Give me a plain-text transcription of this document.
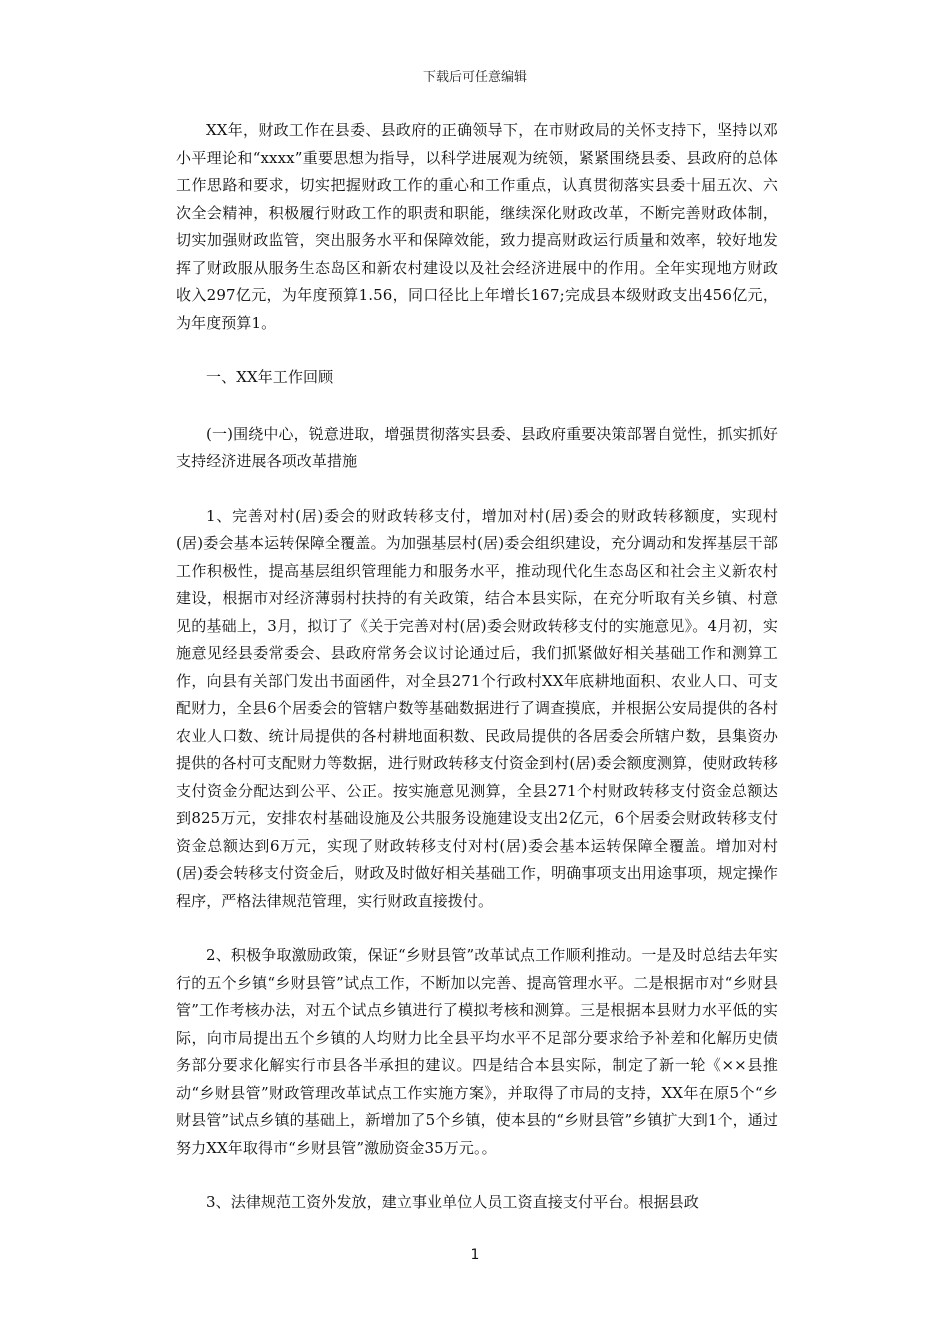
下载后可任意编辑

XX年，财政工作在县委、县政府的正确领导下，在市财政局的关怀支持下，坚持以邓小平理论和“xxxx”重要思想为指导，以科学进展观为统领，紧紧围绕县委、县政府的总体工作思路和要求，切实把握财政工作的重心和工作重点，认真贯彻落实县委十届五次、六次全会精神，积极履行财政工作的职责和职能，继续深化财政改革，不断完善财政体制，切实加强财政监管，突出服务水平和保障效能，致力提高财政运行质量和效率，较好地发挥了财政服从服务生态岛区和新农村建设以及社会经济进展中的作用。全年实现地方财政收入297亿元，为年度预算1.56，同口径比上年增长167;完成县本级财政支出456亿元，为年度预算1。

一、XX年工作回顾

(一)围绕中心，锐意进取，增强贯彻落实县委、县政府重要决策部署自觉性，抓实抓好支持经济进展各项改革措施

1、完善对村(居)委会的财政转移支付，增加对村(居)委会的财政转移额度，实现村(居)委会基本运转保障全覆盖。为加强基层村(居)委会组织建设，充分调动和发挥基层干部工作积极性，提高基层组织管理能力和服务水平，推动现代化生态岛区和社会主义新农村建设，根据市对经济薄弱村扶持的有关政策，结合本县实际，在充分听取有关乡镇、村意见的基础上，3月，拟订了《关于完善对村(居)委会财政转移支付的实施意见》。4月初，实施意见经县委常委会、县政府常务会议讨论通过后，我们抓紧做好相关基础工作和测算工作，向县有关部门发出书面函件，对全县271个行政村XX年底耕地面积、农业人口、可支配财力，全县6个居委会的管辖户数等基础数据进行了调查摸底，并根据公安局提供的各村农业人口数、统计局提供的各村耕地面积数、民政局提供的各居委会所辖户数，县集资办提供的各村可支配财力等数据，进行财政转移支付资金到村(居)委会额度测算，使财政转移支付资金分配达到公平、公正。按实施意见测算，全县271个村财政转移支付资金总额达到825万元，安排农村基础设施及公共服务设施建设支出2亿元，6个居委会财政转移支付资金总额达到6万元，实现了财政转移支付对村(居)委会基本运转保障全覆盖。增加对村(居)委会转移支付资金后，财政及时做好相关基础工作，明确事项支出用途事项，规定操作程序，严格法律规范管理，实行财政直接拨付。

2、积极争取激励政策，保证“乡财县管”改革试点工作顺利推动。一是及时总结去年实行的五个乡镇“乡财县管”试点工作，不断加以完善、提高管理水平。二是根据市对“乡财县管”工作考核办法，对五个试点乡镇进行了模拟考核和测算。三是根据本县财力水平低的实际，向市局提出五个乡镇的人均财力比全县平均水平不足部分要求给予补差和化解历史债务部分要求化解实行市县各半承担的建议。四是结合本县实际，制定了新一轮《××县推动“乡财县管”财政管理改革试点工作实施方案》，并取得了市局的支持，XX年在原5个“乡财县管”试点乡镇的基础上，新增加了5个乡镇，使本县的“乡财县管”乡镇扩大到1个，通过努力XX年取得市“乡财县管”激励资金35万元。。

3、法律规范工资外发放，建立事业单位人员工资直接支付平台。根据县政

1
